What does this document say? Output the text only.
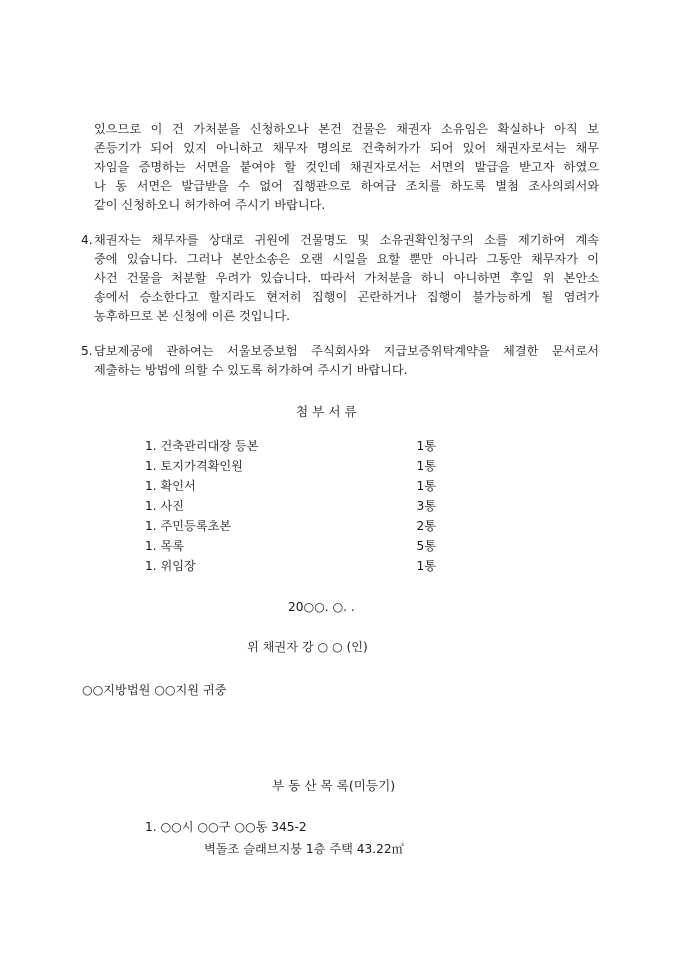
있으므로 이 건 가처분을 신청하오나 본건 건물은 채권자 소유임은 확실하나 아직 보
존등기가 되어 있지 아니하고 채무자 명의로 건축허가가 되어 있어 채권자로서는 채무
자임을 증명하는 서면을 붙여야 할 것인데 채권자로서는 서면의 발급을 받고자 하였으
나 동 서면은 발급받을 수 없어 집행관으로 하여금 조치를 하도록 별첨 조사의뢰서와
같이 신청하오니 허가하여 주시기 바랍니다.
4. 채권자는 채무자를 상대로 귀원에 건물명도 및 소유권확인청구의 소를 제기하여 계속
중에 있습니다. 그러나 본안소송은 오랜 시일을 요할 뿐만 아니라 그동안 채무자가 이
사건 건물을 처분할 우려가 있습니다. 따라서 가처분을 하니 아니하면 후일 위 본안소
송에서 승소한다고 할지라도 현저히 집행이 곤란하거나 집행이 불가능하게 될 염려가
농후하므로 본 신청에 이른 것입니다.
5. 담보제공에 관하여는 서울보증보험 주식회사와 지급보증위탁계약을 체결한 문서로서
제출하는 방법에 의할 수 있도록 허가하여 주시기 바랍니다.
첨 부 서 류
1. 건축관리대장 등본	1통
1. 토지가격확인원	1통
1. 확인서	1통
1. 사진	3통
1. 주민등록초본	2통
1. 목록	5통
1. 위임장	1통
20○○. ○. .
위 채권자 강 ○ ○ (인)
○○지방법원 ○○지원 귀중
부 동 산 목 록(미등기)
1. ○○시 ○○구 ○○동 345-2
벽돌조 슬래브지붕 1층 주택 43.22㎡
